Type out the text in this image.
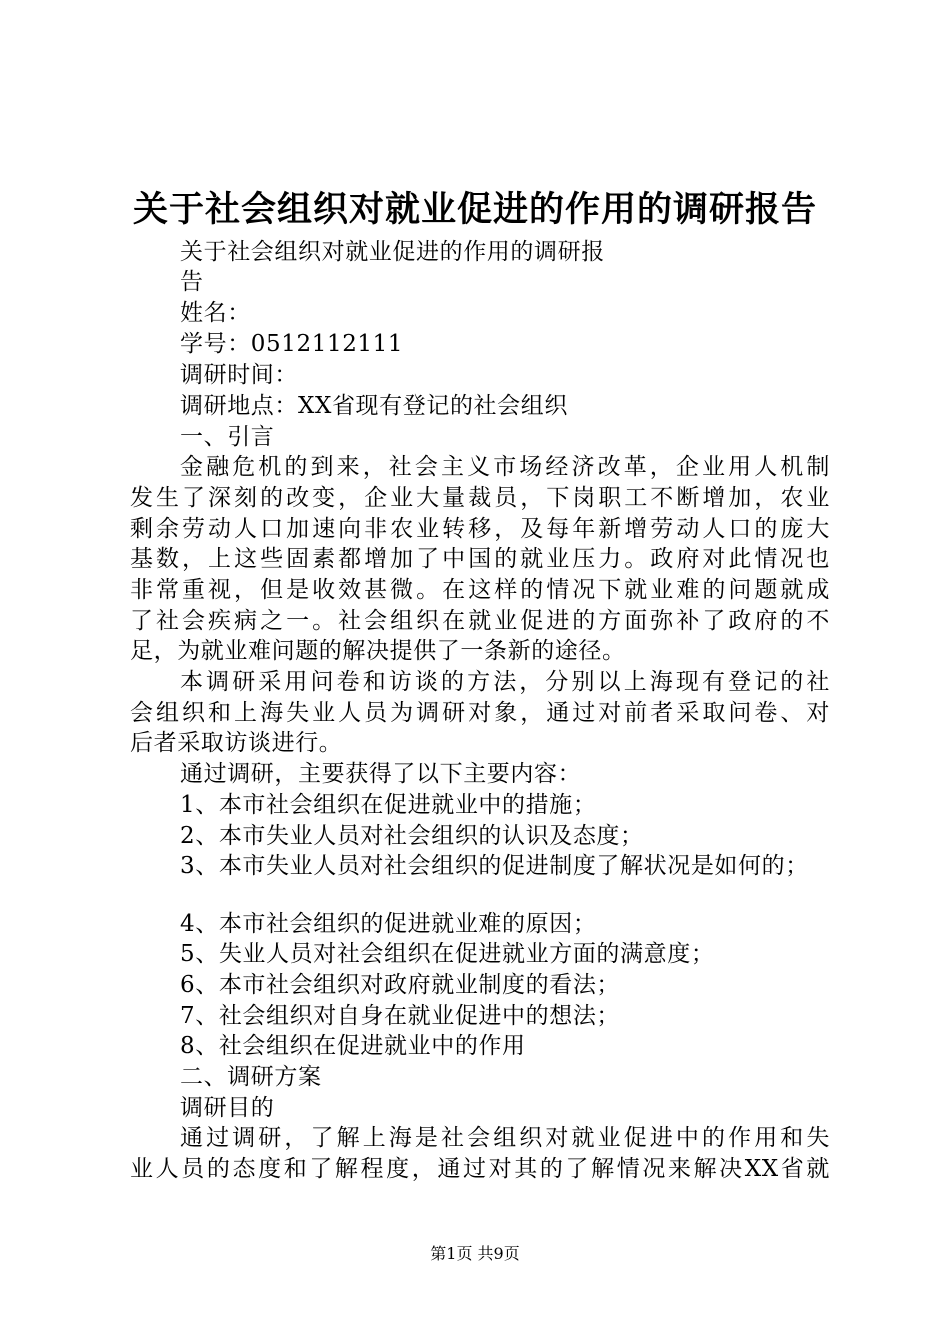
关于社会组织对就业促进的作用的调研报告
关于社会组织对就业促进的作用的调研报
告
姓名：
学号：0512112111
调研时间：
调研地点：XX省现有登记的社会组织
一、引言
金融危机的到来，社会主义市场经济改革，企业用人机制
发生了深刻的改变，企业大量裁员，下岗职工不断增加，农业
剩余劳动人口加速向非农业转移，及每年新增劳动人口的庞大
基数，上这些固素都增加了中国的就业压力。政府对此情况也
非常重视，但是收效甚微。在这样的情况下就业难的问题就成
了社会疾病之一。社会组织在就业促进的方面弥补了政府的不
足，为就业难问题的解决提供了一条新的途径。
本调研采用问卷和访谈的方法，分别以上海现有登记的社
会组织和上海失业人员为调研对象，通过对前者采取问卷、对
后者采取访谈进行。
通过调研，主要获得了以下主要内容：
1、本市社会组织在促进就业中的措施；
2、本市失业人员对社会组织的认识及态度；
3、本市失业人员对社会组织的促进制度了解状况是如何的；
4、本市社会组织的促进就业难的原因；
5、失业人员对社会组织在促进就业方面的满意度；
6、本市社会组织对政府就业制度的看法；
7、社会组织对自身在就业促进中的想法；
8、社会组织在促进就业中的作用
二、调研方案
调研目的
通过调研，了解上海是社会组织对就业促进中的作用和失
业人员的态度和了解程度，通过对其的了解情况来解决XX省就
第1页 共9页
